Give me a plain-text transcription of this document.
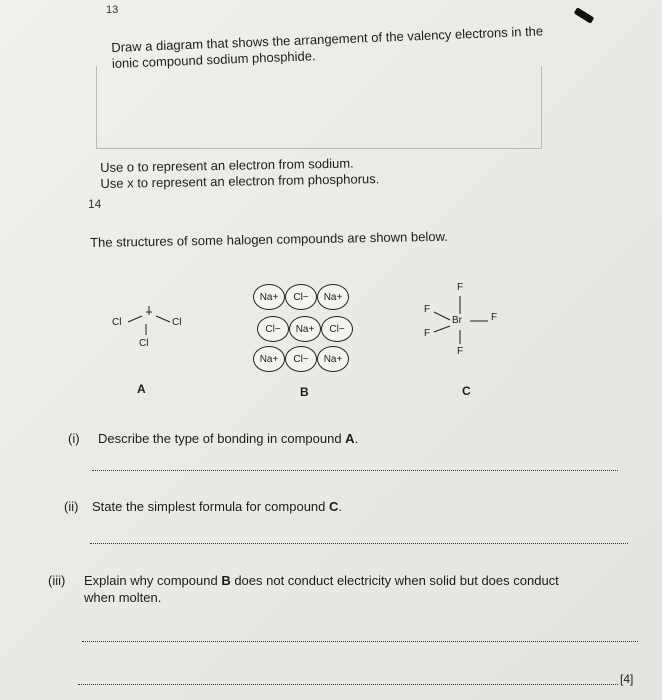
13
Draw a diagram that shows the arrangement of the valency electrons in the
ionic compound sodium phosphide.
Use o to represent an electron from sodium.
Use x to represent an electron from phosphorus.
14
The structures of some halogen compounds are shown below.
Cl	Cl
Cl
A
Na+	Cl−	Na+
Cl−	Na+	Cl−
Na+	Cl−	Na+
B
F
F
Br	F
F
F
C
(i) Describe the type of bonding in compound A.
(ii) State the simplest formula for compound C.
(iii) Explain why compound B does not conduct electricity when solid but does conduct
when molten.
[4]
